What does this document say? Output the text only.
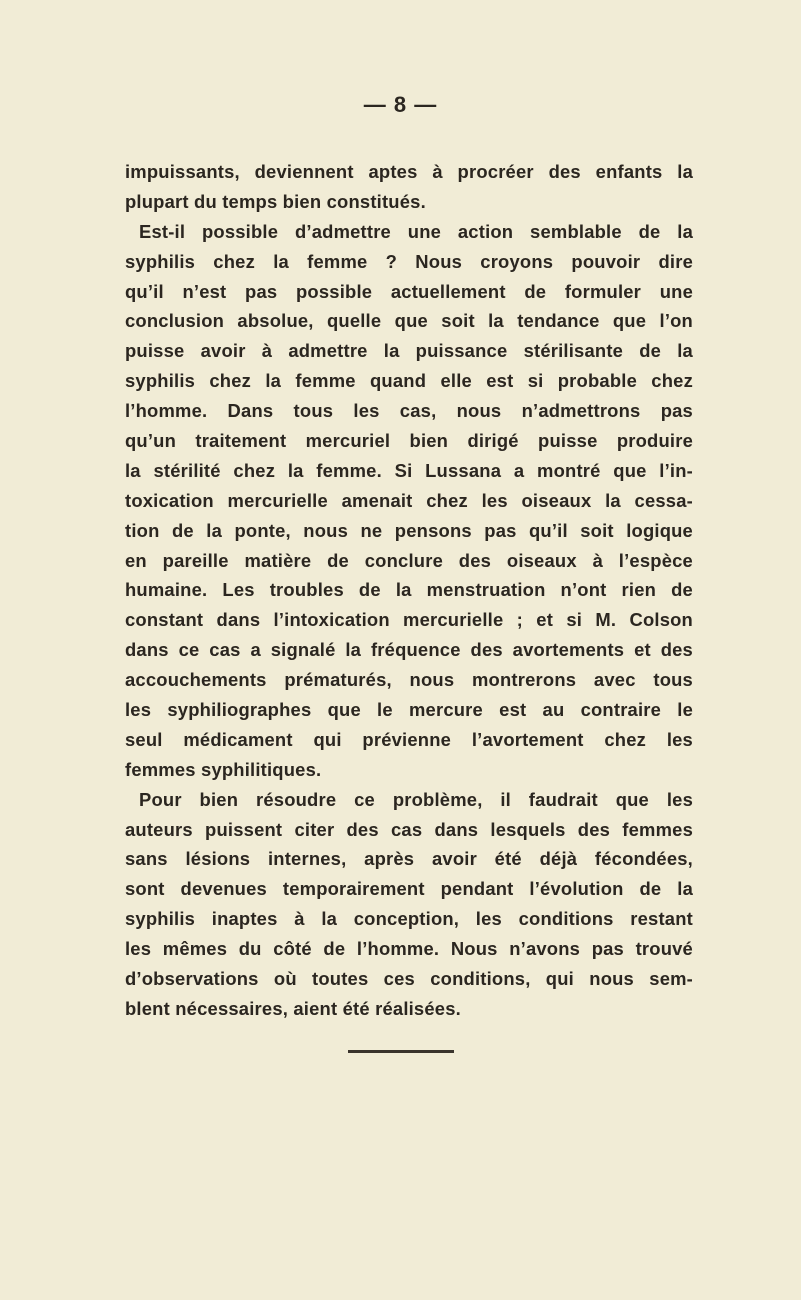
— 8 —
impuissants, deviennent aptes à procréer des enfants la
plupart du temps bien constitués.
Est-il possible d’admettre une action semblable de la
syphilis chez la femme ? Nous croyons pouvoir dire
qu’il n’est pas possible actuellement de formuler une
conclusion absolue, quelle que soit la tendance que l’on
puisse avoir à admettre la puissance stérilisante de la
syphilis chez la femme quand elle est si probable chez
l’homme. Dans tous les cas, nous n’admettrons pas
qu’un traitement mercuriel bien dirigé puisse produire
la stérilité chez la femme. Si Lussana a montré que l’in-
toxication mercurielle amenait chez les oiseaux la cessa-
tion de la ponte, nous ne pensons pas qu’il soit logique
en pareille matière de conclure des oiseaux à l’espèce
humaine. Les troubles de la menstruation n’ont rien de
constant dans l’intoxication mercurielle ; et si M. Colson
dans ce cas a signalé la fréquence des avortements et des
accouchements prématurés, nous montrerons avec tous
les syphiliographes que le mercure est au contraire le
seul médicament qui prévienne l’avortement chez les
femmes syphilitiques.
Pour bien résoudre ce problème, il faudrait que les
auteurs puissent citer des cas dans lesquels des femmes
sans lésions internes, après avoir été déjà fécondées,
sont devenues temporairement pendant l’évolution de la
syphilis inaptes à la conception, les conditions restant
les mêmes du côté de l’homme. Nous n’avons pas trouvé
d’observations où toutes ces conditions, qui nous sem-
blent nécessaires, aient été réalisées.
